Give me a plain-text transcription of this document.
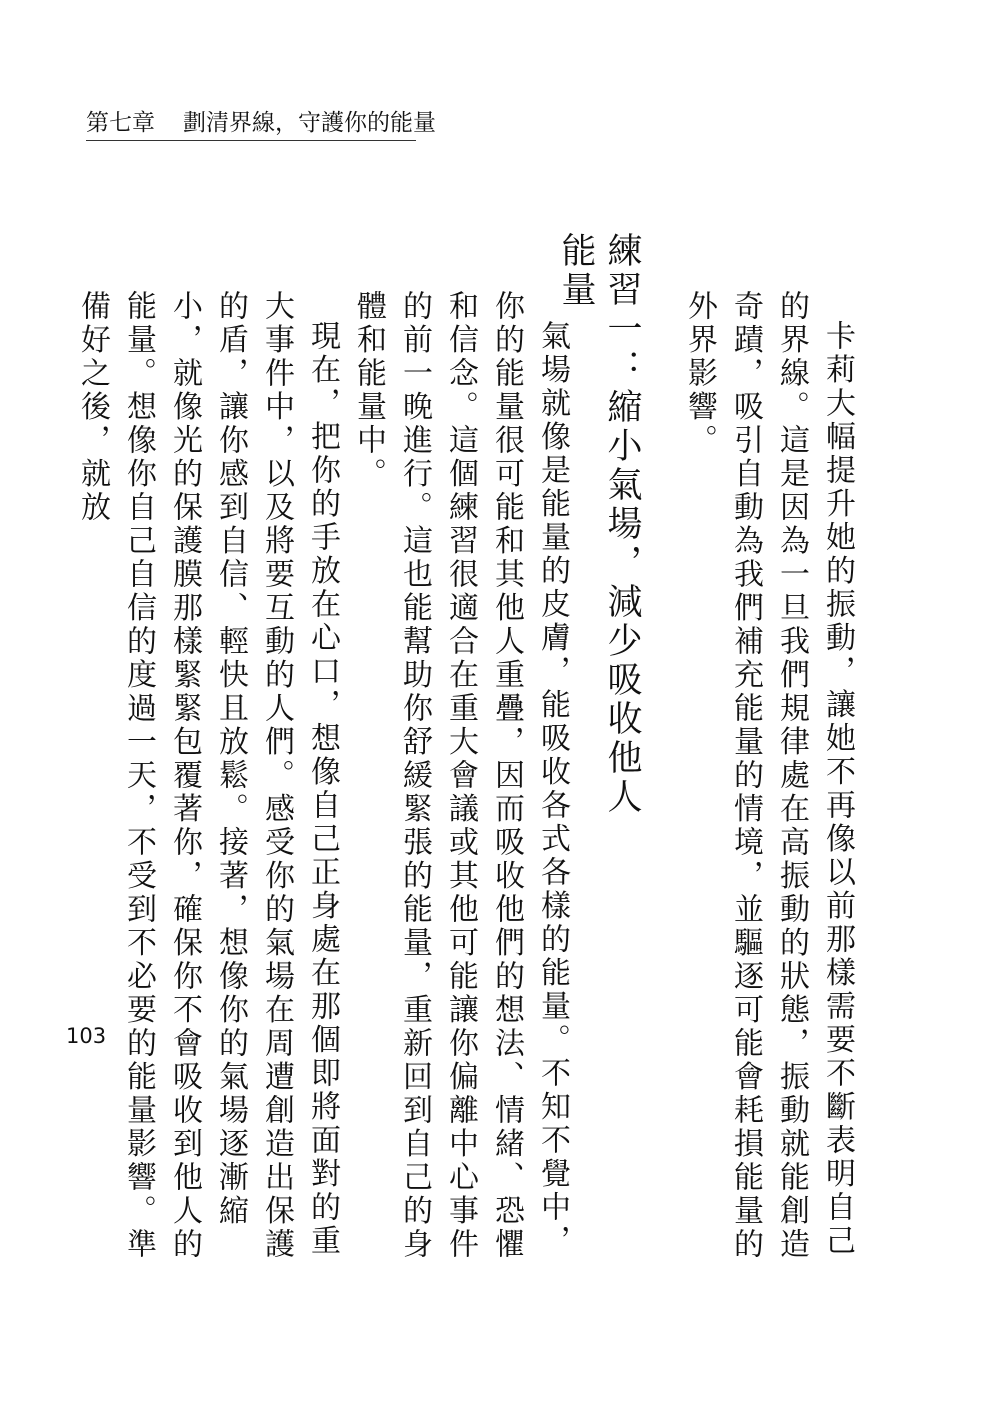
第七章 劃清界線，守護你的能量

卡莉大幅提升她的振動，讓她不再像以前那樣需要不斷表明自己的界線。這是因為一旦我們規律處在高振動的狀態，振動就能創造奇蹟，吸引自動為我們補充能量的情境，並驅逐可能會耗損能量的外界影響。

練習一：縮小氣場，減少吸收他人能量

氣場就像是能量的皮膚，能吸收各式各樣的能量。不知不覺中，你的能量很可能和其他人重疊，因而吸收他們的想法、情緒、恐懼和信念。這個練習很適合在重大會議或其他可能讓你偏離中心事件的前一晚進行。這也能幫助你舒緩緊張的能量，重新回到自己的身體和能量中。

現在，把你的手放在心口，想像自己正身處在那個即將面對的重大事件中，以及將要互動的人們。感受你的氣場在周遭創造出保護的盾，讓你感到自信、輕快且放鬆。接著，想像你的氣場逐漸縮小，就像光的保護膜那樣緊緊包覆著你，確保你不會吸收到他人的能量。想像你自己自信的度過一天，不受到不必要的能量影響。準備好之後，就放

103
